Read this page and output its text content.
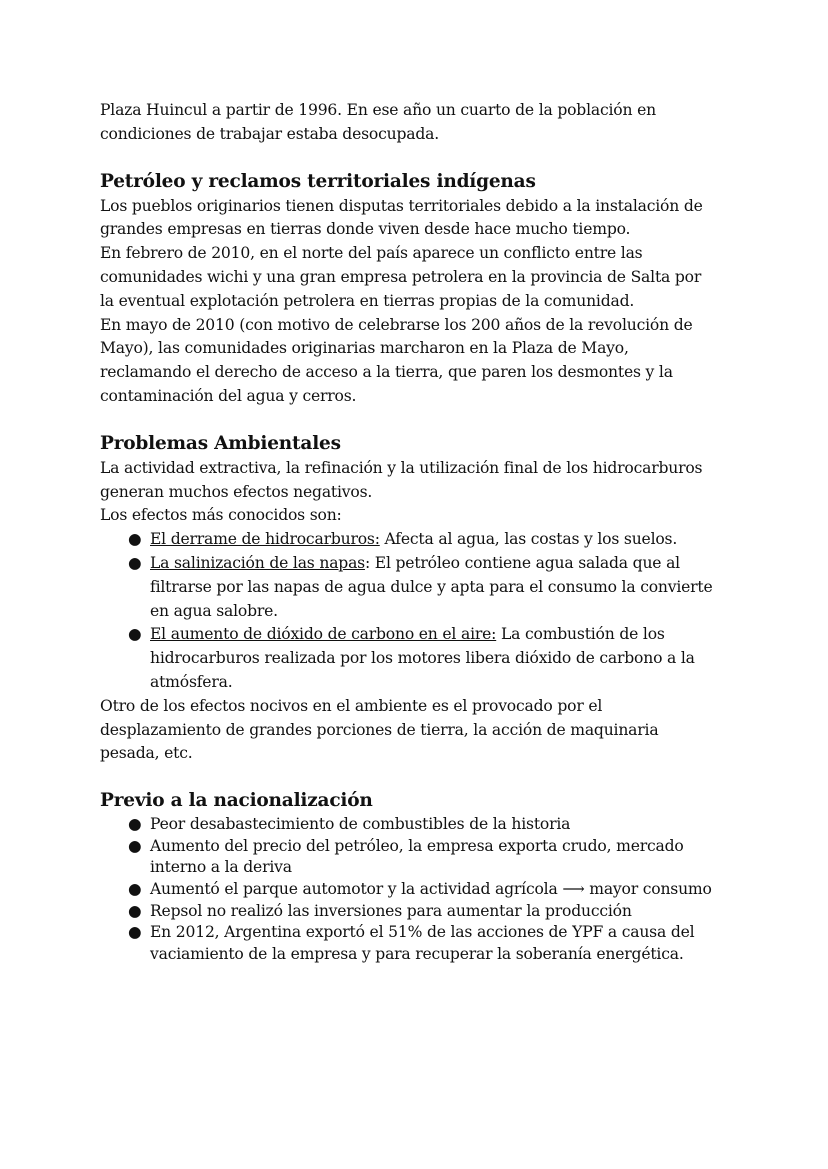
Plaza Huincul a partir de 1996. En ese año un cuarto de la población en
condiciones de trabajar estaba desocupada.
Petróleo y reclamos territoriales indígenas
Los pueblos originarios tienen disputas territoriales debido a la instalación de
grandes empresas en tierras donde viven desde hace mucho tiempo.
En febrero de 2010, en el norte del país aparece un conflicto entre las
comunidades wichi y una gran empresa petrolera en la provincia de Salta por
la eventual explotación petrolera en tierras propias de la comunidad.
En mayo de 2010 (con motivo de celebrarse los 200 años de la revolución de
Mayo), las comunidades originarias marcharon en la Plaza de Mayo,
reclamando el derecho de acceso a la tierra, que paren los desmontes y la
contaminación del agua y cerros.
Problemas Ambientales
La actividad extractiva, la refinación y la utilización final de los hidrocarburos
generan muchos efectos negativos.
Los efectos más conocidos son:
● El derrame de hidrocarburos: Afecta al agua, las costas y los suelos.
● La salinización de las napas: El petróleo contiene agua salada que al
filtrarse por las napas de agua dulce y apta para el consumo la convierte
en agua salobre.
● El aumento de dióxido de carbono en el aire: La combustión de los
hidrocarburos realizada por los motores libera dióxido de carbono a la
atmósfera.
Otro de los efectos nocivos en el ambiente es el provocado por el
desplazamiento de grandes porciones de tierra, la acción de maquinaria
pesada, etc.
Previo a la nacionalización
● Peor desabastecimiento de combustibles de la historia
● Aumento del precio del petróleo, la empresa exporta crudo, mercado
interno a la deriva
● Aumentó el parque automotor y la actividad agrícola ⟶ mayor consumo
● Repsol no realizó las inversiones para aumentar la producción
● En 2012, Argentina exportó el 51% de las acciones de YPF a causa del
vaciamiento de la empresa y para recuperar la soberanía energética.
